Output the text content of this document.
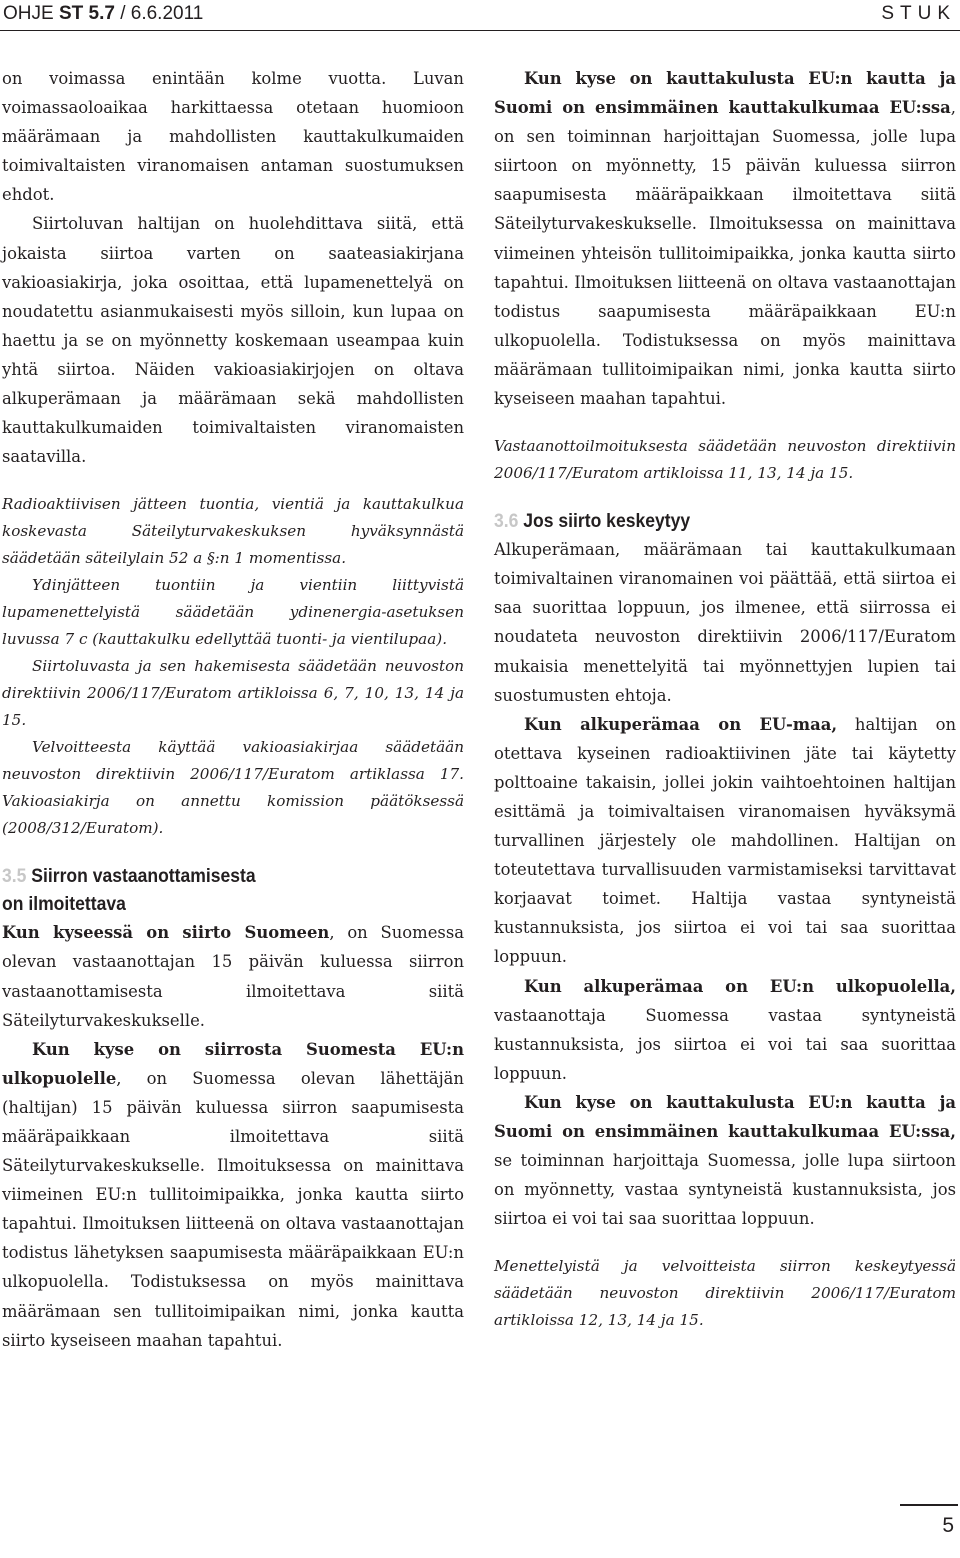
OHJE ST 5.7 / 6.6.2011	STUK

on voimassa enintään kolme vuotta. Luvan voimassaoloaikaa harkittaessa otetaan huomioon määrämaan ja mahdollisten kauttakulkumaiden toimivaltaisten viranomaisen antaman suostumuksen ehdot.

Siirtoluvan haltijan on huolehdittava siitä, että jokaista siirtoa varten on saateasiakirjana vakioasiakirja, joka osoittaa, että lupamenettelyä on noudatettu asianmukaisesti myös silloin, kun lupaa on haettu ja se on myönnetty koskemaan useampaa kuin yhtä siirtoa. Näiden vakioasiakirjojen on oltava alkuperämaan ja määrämaan sekä mahdollisten kauttakulkumaiden toimivaltaisten viranomaisten saatavilla.

Radioaktiivisen jätteen tuontia, vientiä ja kauttakulkua koskevasta Säteilyturvakeskuksen hyväksynnästä säädetään säteilylain 52 a §:n 1 momentissa.

Ydinjätteen tuontiin ja vientiin liittyvistä lupamenettelyistä säädetään ydinenergia-asetuksen luvussa 7 c (kauttakulku edellyttää tuonti- ja vientilupaa).

Siirtoluvasta ja sen hakemisesta säädetään neuvoston direktiivin 2006/117/Euratom artikloissa 6, 7, 10, 13, 14 ja 15.

Velvoitteesta käyttää vakioasiakirjaa säädetään neuvoston direktiivin 2006/117/Euratom artiklassa 17. Vakioasiakirja on annettu komission päätöksessä (2008/312/Euratom).

3.5 Siirron vastaanottamisesta
on ilmoitettava

Kun kyseessä on siirto Suomeen, on Suomessa olevan vastaanottajan 15 päivän kuluessa siirron vastaanottamisesta ilmoitettava siitä Säteilyturvakeskukselle.

Kun kyse on siirrosta Suomesta EU:n ulkopuolelle, on Suomessa olevan lähettäjän (haltijan) 15 päivän kuluessa siirron saapumisesta määräpaikkaan ilmoitettava siitä Säteilyturvakeskukselle. Ilmoituksessa on mainittava viimeinen EU:n tullitoimipaikka, jonka kautta siirto tapahtui. Ilmoituksen liitteenä on oltava vastaanottajan todistus lähetyksen saapumisesta määräpaikkaan EU:n ulkopuolella. Todistuksessa on myös mainittava määrämaan sen tullitoimipaikan nimi, jonka kautta siirto kyseiseen maahan tapahtui.

Kun kyse on kauttakulusta EU:n kautta ja Suomi on ensimmäinen kauttakulkumaa EU:ssa, on sen toiminnan harjoittajan Suomessa, jolle lupa siirtoon on myönnetty, 15 päivän kuluessa siirron saapumisesta määräpaikkaan ilmoitettava siitä Säteilyturvakeskukselle. Ilmoituksessa on mainittava viimeinen yhteisön tullitoimipaikka, jonka kautta siirto tapahtui. Ilmoituksen liitteenä on oltava vastaanottajan todistus saapumisesta määräpaikkaan EU:n ulkopuolella. Todistuksessa on myös mainittava määrämaan tullitoimipaikan nimi, jonka kautta siirto kyseiseen maahan tapahtui.

Vastaanottoilmoituksesta säädetään neuvoston direktiivin 2006/117/Euratom artikloissa 11, 13, 14 ja 15.

3.6 Jos siirto keskeytyy

Alkuperämaan, määrämaan tai kauttakulkumaan toimivaltainen viranomainen voi päättää, että siirtoa ei saa suorittaa loppuun, jos ilmenee, että siirrossa ei noudateta neuvoston direktiivin 2006/117/Euratom mukaisia menettelyitä tai myönnettyjen lupien tai suostumusten ehtoja.

Kun alkuperämaa on EU-maa, haltijan on otettava kyseinen radioaktiivinen jäte tai käytetty polttoaine takaisin, jollei jokin vaihtoehtoinen haltijan esittämä ja toimivaltaisen viranomaisen hyväksymä turvallinen järjestely ole mahdollinen. Haltijan on toteutettava turvallisuuden varmistamiseksi tarvittavat korjaavat toimet. Haltija vastaa syntyneistä kustannuksista, jos siirtoa ei voi tai saa suorittaa loppuun.

Kun alkuperämaa on EU:n ulkopuolella, vastaanottaja Suomessa vastaa syntyneistä kustannuksista, jos siirtoa ei voi tai saa suorittaa loppuun.

Kun kyse on kauttakulusta EU:n kautta ja Suomi on ensimmäinen kauttakulkumaa EU:ssa, se toiminnan harjoittaja Suomessa, jolle lupa siirtoon on myönnetty, vastaa syntyneistä kustannuksista, jos siirtoa ei voi tai saa suorittaa loppuun.

Menettelyistä ja velvoitteista siirron keskeytyessä säädetään neuvoston direktiivin 2006/117/Euratom artikloissa 12, 13, 14 ja 15.

5
